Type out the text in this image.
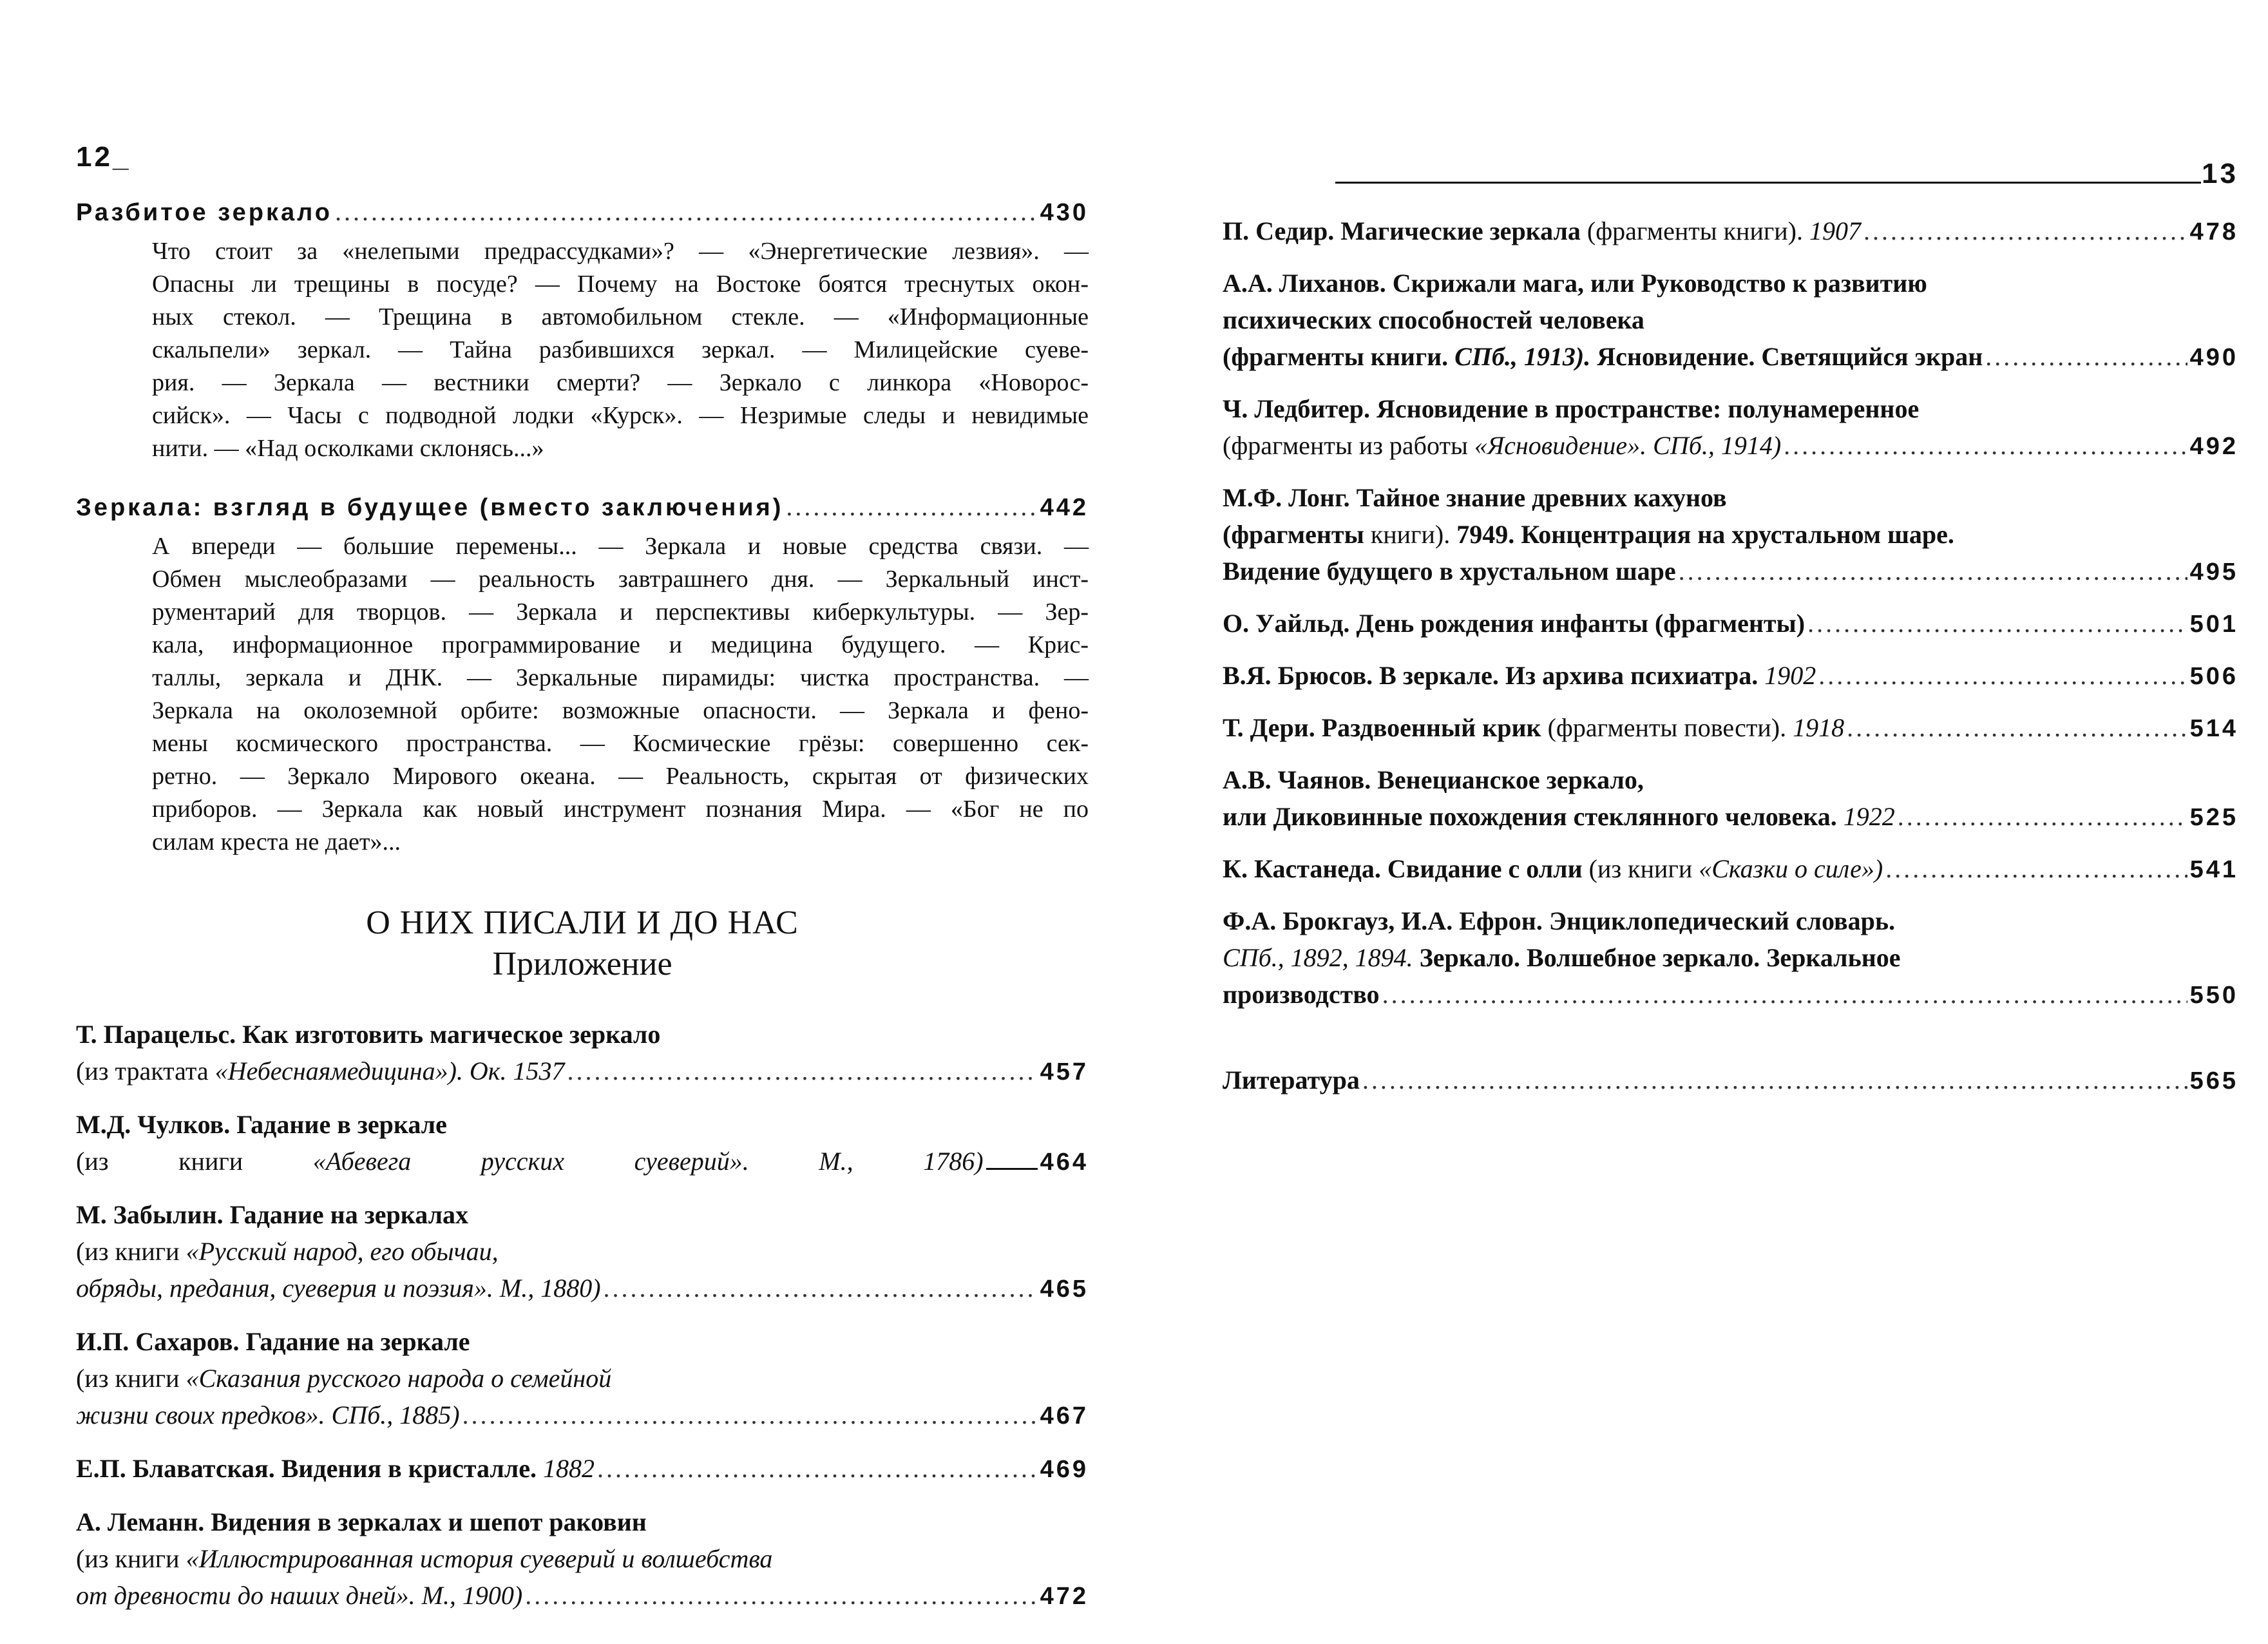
12_
Разбитое зеркало .....	430
Что стоит за «нелепыми предрассудками»? — «Энергетические лезвия». —
Опасны ли трещины в посуде? — Почему на Востоке боятся треснутых окон-
ных стекол. — Трещина в автомобильном стекле. — «Информационные
скальпели» зеркал. — Тайна разбившихся зеркал. — Милицейские суеве-
рия. — Зеркала — вестники смерти? — Зеркало с линкора «Новорос-
сийск». — Часы с подводной лодки «Курск». — Незримые следы и невидимые
нити. — «Над осколками склонясь...»
Зеркала: взгляд в будущее (вместо заключения) .....	442
А впереди — большие перемены... — Зеркала и новые средства связи. —
Обмен мыслеобразами — реальность завтрашнего дня. — Зеркальный инст-
рументарий для творцов. — Зеркала и перспективы киберкультуры. — Зер-
кала, информационное программирование и медицина будущего. — Крис-
таллы, зеркала и ДНК. — Зеркальные пирамиды: чистка пространства. —
Зеркала на околоземной орбите: возможные опасности. — Зеркала и фено-
мены космического пространства. — Космические грёзы: совершенно сек-
ретно. — Зеркало Мирового океана. — Реальность, скрытая от физических
приборов. — Зеркала как новый инструмент познания Мира. — «Бог не по
силам креста не дает»...
О НИХ ПИСАЛИ И ДО НАС
Приложение
Т. Парацельс. Как изготовить магическое зеркало
(из трактата «Небеснаямедицина»). Ок. 1537 .....	457
М.Д. Чулков. Гадание в зеркале
(из	книги	«Абевега	русских	суеверий».	М.,	1786) 464
М. Забылин. Гадание на зеркалах
(из книги «Русский народ, его обычаи,
обряды, предания, суеверия и поэзия». М., 1880) .....	465
И.П. Сахаров. Гадание на зеркале
(из книги «Сказания русского народа о семейной
жизни своих предков». СПб., 1885) .....	467
Е.П. Блаватская. Видения в кристалле. 1882 .....	469
А. Леманн. Видения в зеркалах и шепот раковин
(из книги «Иллюстрированная история суеверий и волшебства
от древности до наших дней». М., 1900) .....	472
13
П. Седир. Магические зеркала (фрагменты книги). 1907 .....	478
А.А. Лиханов. Скрижали мага, или Руководство к развитию
психических способностей человека
(фрагменты книги. СПб., 1913). Ясновидение. Светящийся экран .....	490
Ч. Ледбитер. Ясновидение в пространстве: полунамеренное
(фрагменты из работы «Ясновидение». СПб., 1914) .....	492
М.Ф. Лонг. Тайное знание древних кахунов
(фрагменты книги). 7949. Концентрация на хрустальном шаре.
Видение будущего в хрустальном шаре .....	495
О. Уайльд. День рождения инфанты (фрагменты) .....	501
В.Я. Брюсов. В зеркале. Из архива психиатра. 1902 .....	506
Т. Дери. Раздвоенный крик (фрагменты повести). 1918 .....	514
А.В. Чаянов. Венецианское зеркало,
или Диковинные похождения стеклянного человека. 1922 .....	525
К. Кастанеда. Свидание с олли (из книги «Сказки о силе») .....	541
Ф.А. Брокгауз, И.А. Ефрон. Энциклопедический словарь.
СПб., 1892, 1894. Зеркало. Волшебное зеркало. Зеркальное
производство .....	550
Литература .....	565
